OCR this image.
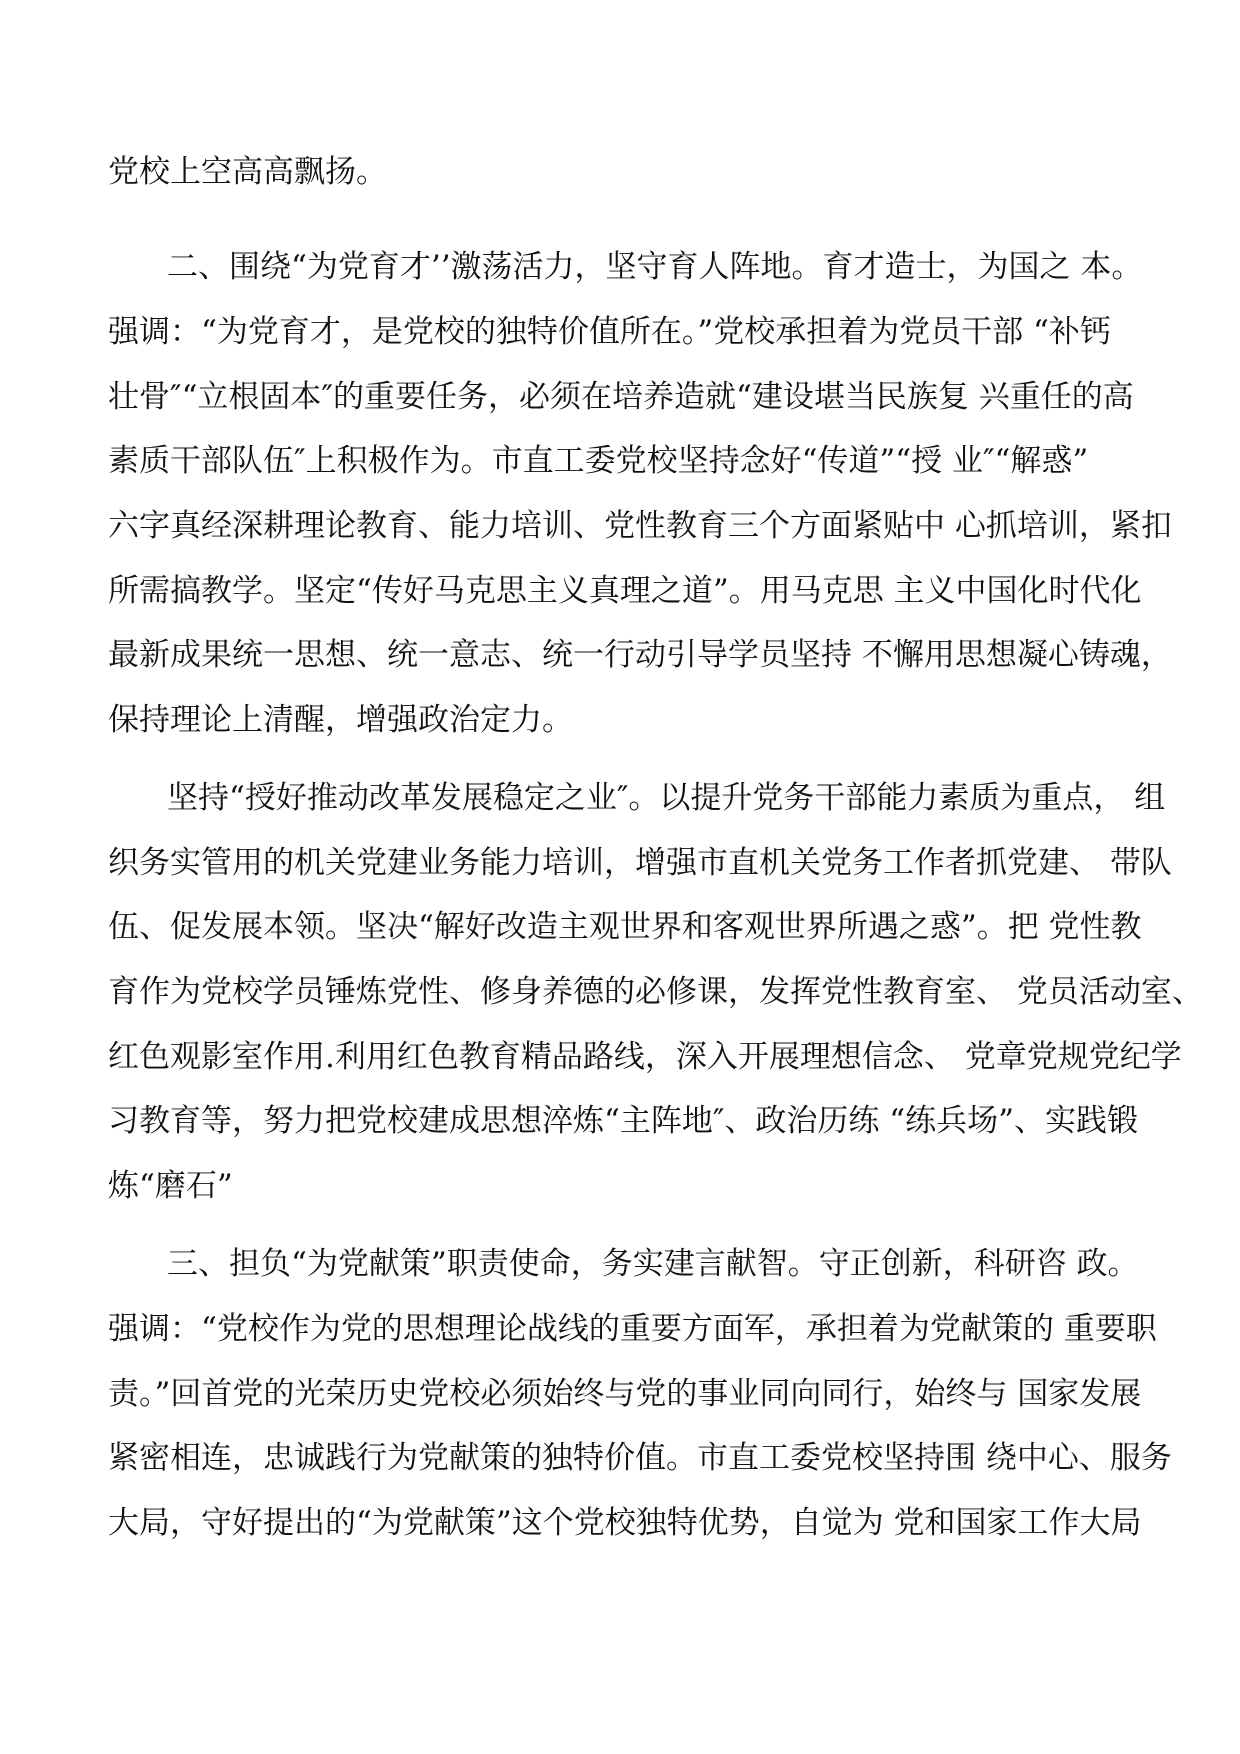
党校上空高高飘扬。
二、围绕“为党育才’’激荡活力，坚守育人阵地。育才造士，为国之 本。
强调：“为党育才，是党校的独特价值所在。”党校承担着为党员干部 “补钙
壮骨″“立根固本″的重要任务，必须在培养造就“建设堪当民族复 兴重任的高
素质干部队伍″上积极作为。市直工委党校坚持念好“传道”“授 业″“解惑”
六字真经深耕理论教育、能力培训、党性教育三个方面紧贴中 心抓培训，紧扣
所需搞教学。坚定“传好马克思主义真理之道”。用马克思 主义中国化时代化
最新成果统一思想、统一意志、统一行动引导学员坚持 不懈用思想凝心铸魂，
保持理论上清醒，增强政治定力。
坚持“授好推动改革发展稳定之业″。以提升党务干部能力素质为重点， 组
织务实管用的机关党建业务能力培训，增强市直机关党务工作者抓党建、 带队
伍、促发展本领。坚决“解好改造主观世界和客观世界所遇之惑”。把 党性教
育作为党校学员锤炼党性、修身养德的必修课，发挥党性教育室、 党员活动室、
红色观影室作用.利用红色教育精品路线，深入开展理想信念、 党章党规党纪学
习教育等，努力把党校建成思想淬炼“主阵地″、政治历练 “练兵场”、实践锻
炼“磨石”
三、担负“为党献策”职责使命，务实建言献智。守正创新，科研咨 政。
强调：“党校作为党的思想理论战线的重要方面军，承担着为党献策的 重要职
责。”回首党的光荣历史党校必须始终与党的事业同向同行，始终与 国家发展
紧密相连，忠诚践行为党献策的独特价值。市直工委党校坚持围 绕中心、服务
大局，守好提出的“为党献策”这个党校独特优势，自觉为 党和国家工作大局
